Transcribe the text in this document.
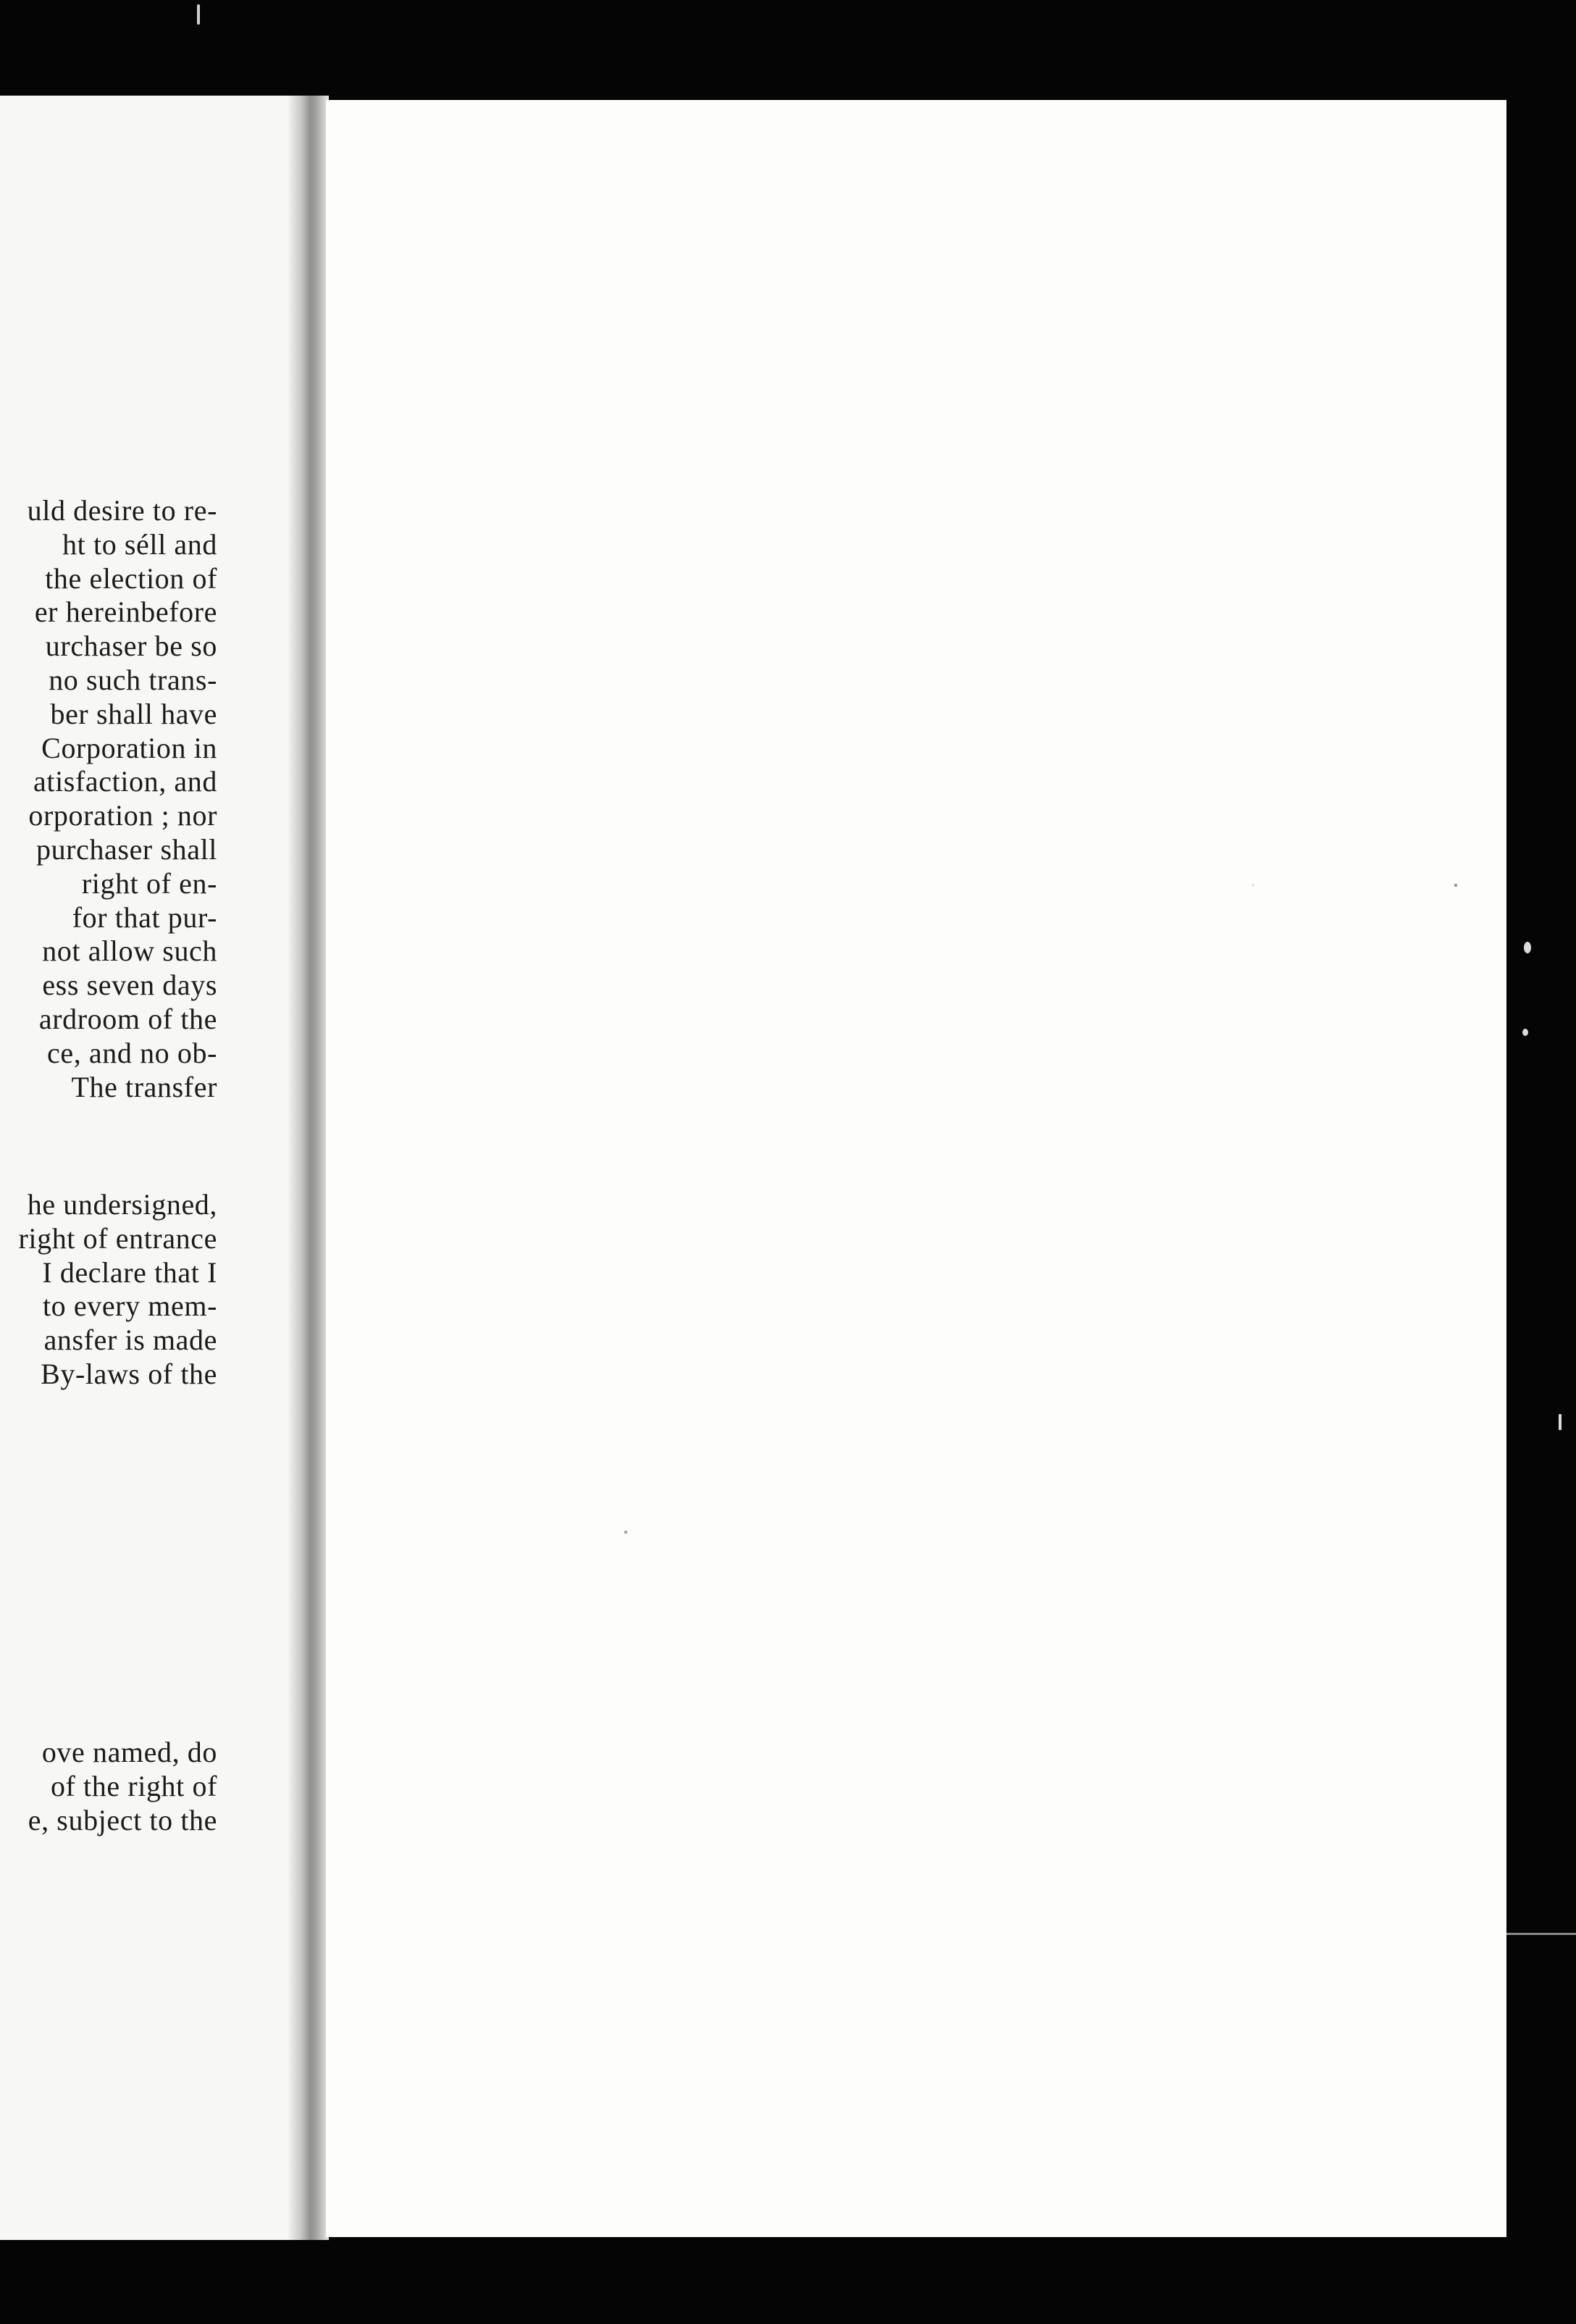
uld desire to re-
ht to séll and
the election of
er hereinbefore
urchaser be so
no such trans-
ber shall have
Corporation in
atisfaction, and
orporation ; nor
purchaser shall
right of en-
for that pur-
not allow such
ess seven days
ardroom of the
ce, and no ob-
The transfer
he undersigned,
right of entrance
I declare that I
to every mem-
ansfer is made
By-laws of the
ove named, do
of the right of
e, subject to the
